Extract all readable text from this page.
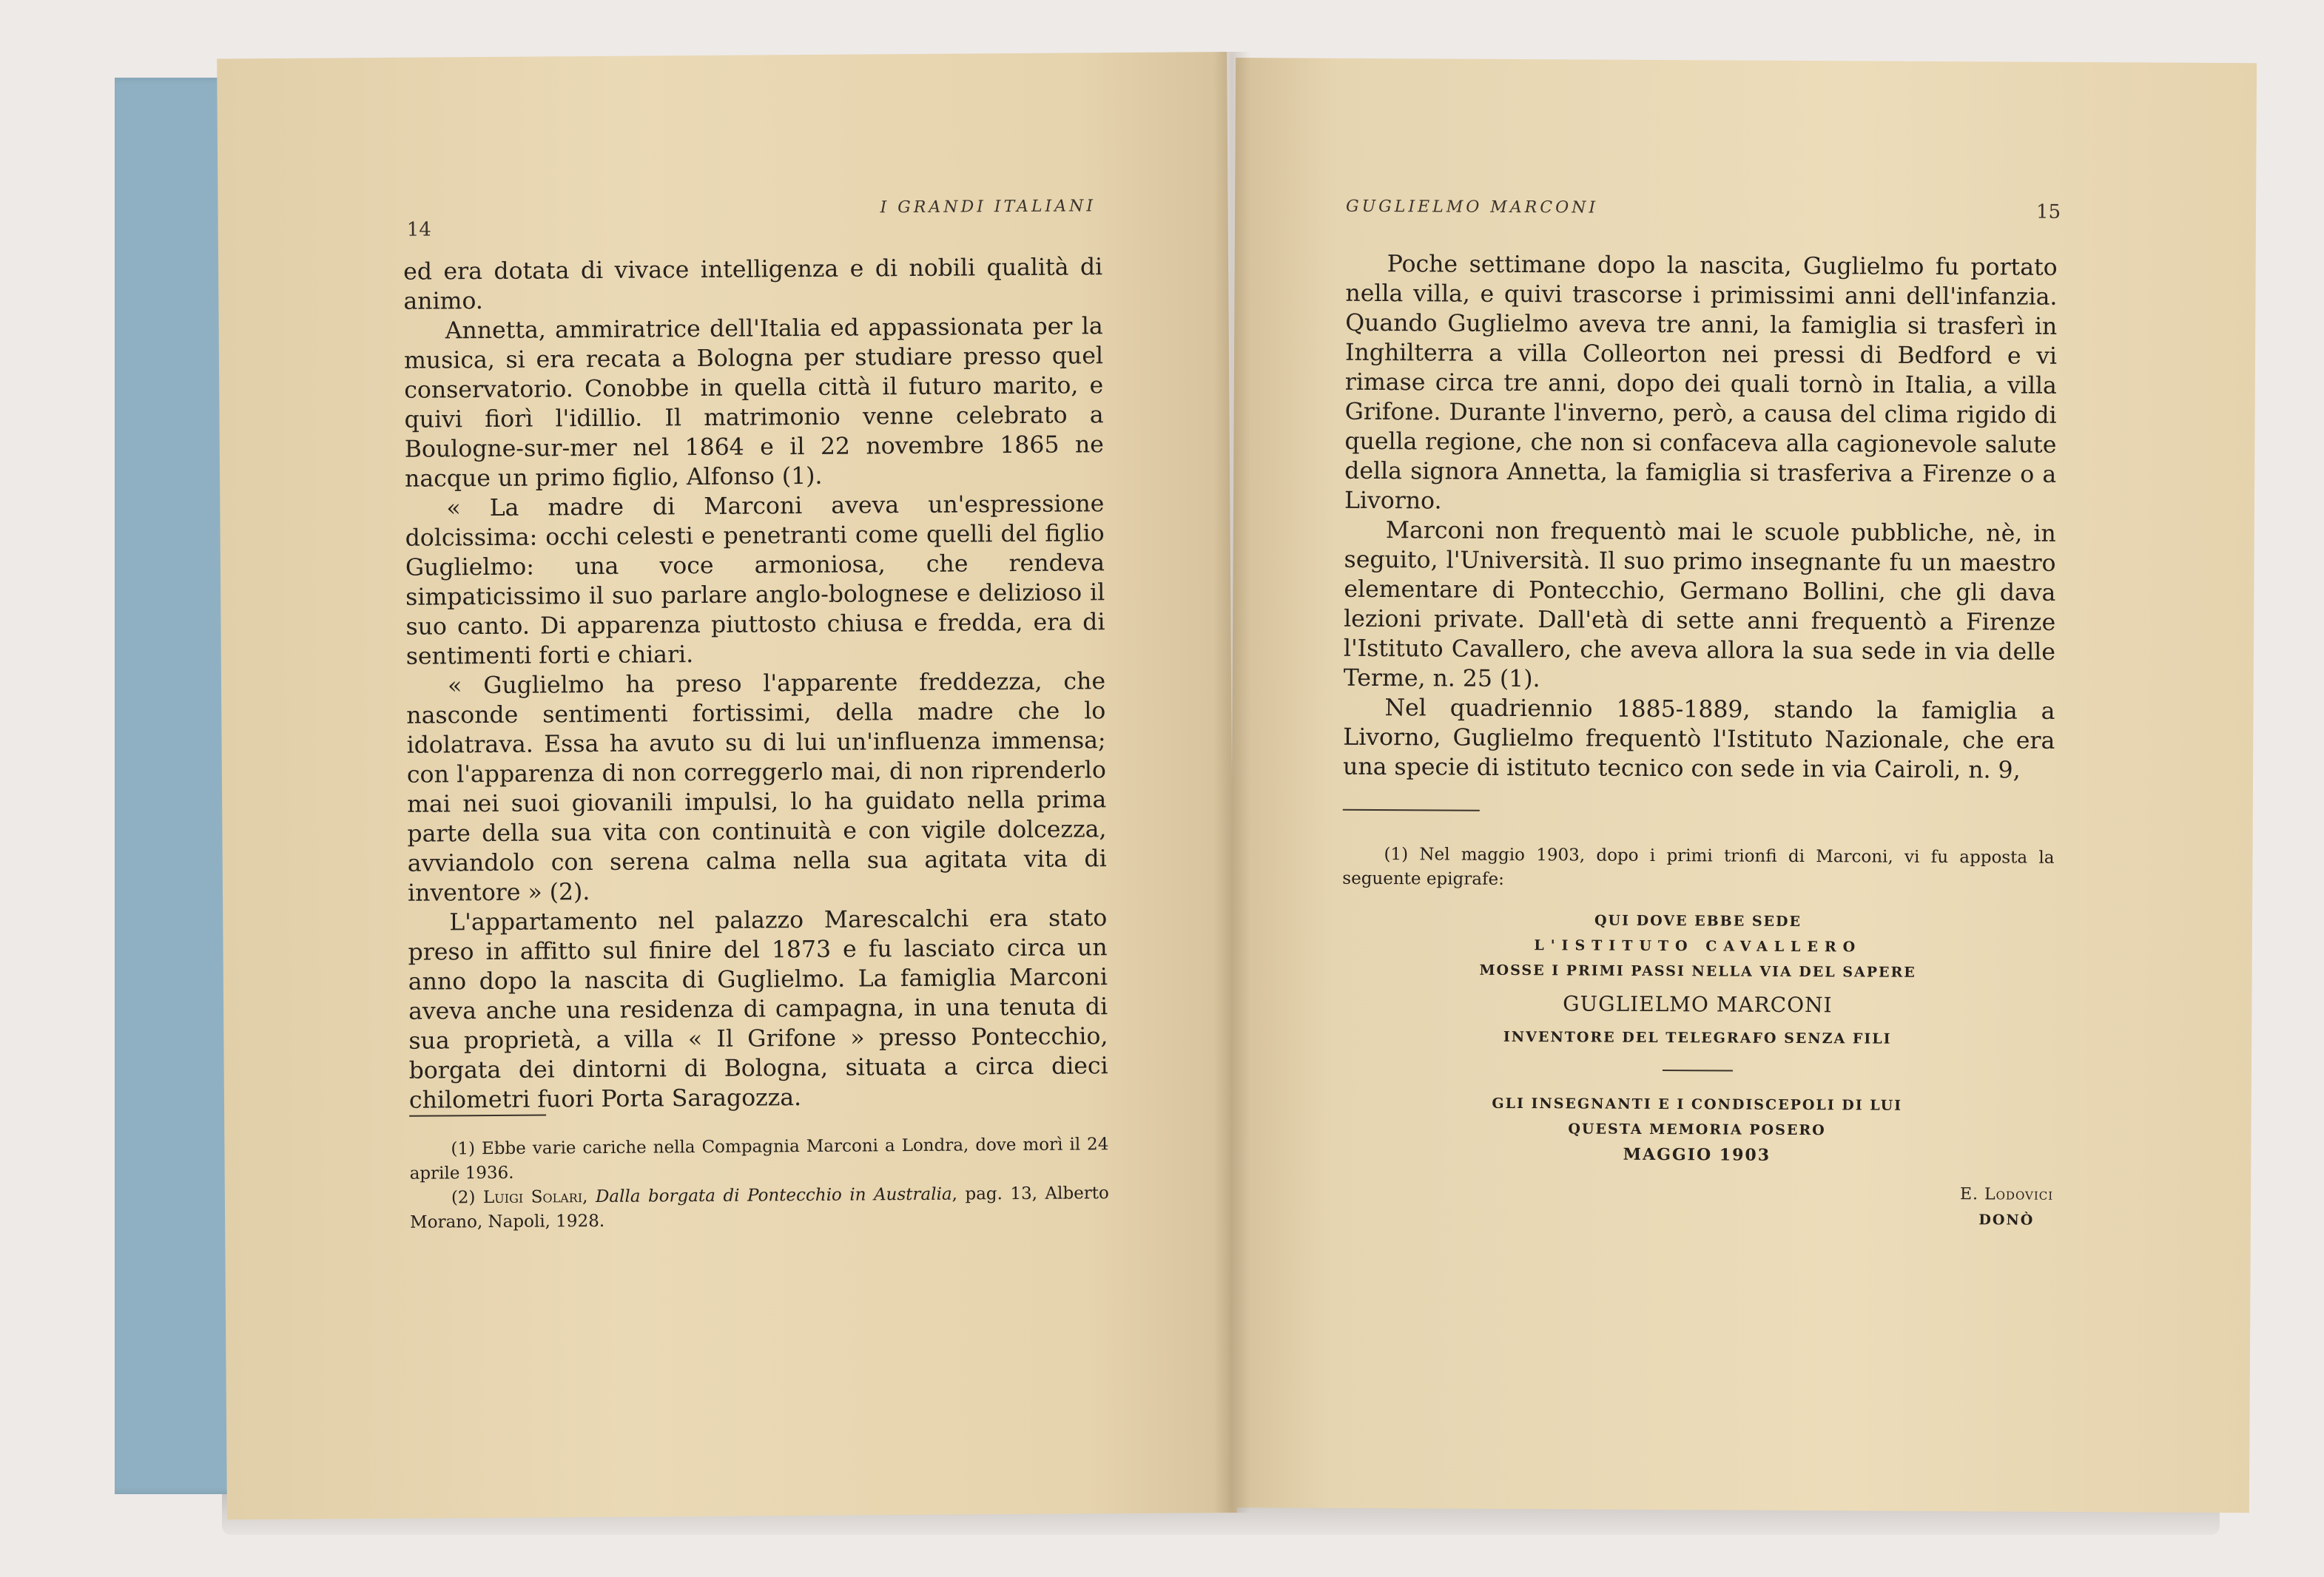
14
I GRANDI ITALIANI

ed era dotata di vivace intelligenza e di nobili qualità di animo.

Annetta, ammiratrice dell'Italia ed appassionata per la musica, si era recata a Bologna per studiare presso quel conservatorio. Conobbe in quella città il futuro marito, e quivi fiorì l'idillio. Il matrimonio venne celebrato a Boulogne-sur-mer nel 1864 e il 22 novembre 1865 ne nacque un primo figlio, Alfonso (1).

« La madre di Marconi aveva un'espressione dolcissima: occhi celesti e penetranti come quelli del figlio Guglielmo: una voce armoniosa, che rendeva simpaticissimo il suo parlare anglo-bolognese e delizioso il suo canto. Di apparenza piuttosto chiusa e fredda, era di sentimenti forti e chiari.

« Guglielmo ha preso l'apparente freddezza, che nasconde sentimenti fortissimi, della madre che lo idolatrava. Essa ha avuto su di lui un'influenza immensa; con l'apparenza di non correggerlo mai, di non riprenderlo mai nei suoi giovanili impulsi, lo ha guidato nella prima parte della sua vita con continuità e con vigile dolcezza, avviandolo con serena calma nella sua agitata vita di inventore » (2).

L'appartamento nel palazzo Marescalchi era stato preso in affitto sul finire del 1873 e fu lasciato circa un anno dopo la nascita di Guglielmo. La famiglia Marconi aveva anche una residenza di campagna, in una tenuta di sua proprietà, a villa « Il Grifone » presso Pontecchio, borgata dei dintorni di Bologna, situata a circa dieci chilometri fuori Porta Saragozza.

(1) Ebbe varie cariche nella Compagnia Marconi a Londra, dove morì il 24 aprile 1936.

(2) Luigi Solari, Dalla borgata di Pontecchio in Australia, pag. 13, Alberto Morano, Napoli, 1928.

GUGLIELMO MARCONI	15

Poche settimane dopo la nascita, Guglielmo fu portato nella villa, e quivi trascorse i primissimi anni dell'infanzia. Quando Guglielmo aveva tre anni, la famiglia si trasferì in Inghilterra a villa Colleorton nei pressi di Bedford e vi rimase circa tre anni, dopo dei quali tornò in Italia, a villa Grifone. Durante l'inverno, però, a causa del clima rigido di quella regione, che non si confaceva alla cagionevole salute della signora Annetta, la famiglia si trasferiva a Firenze o a Livorno.

Marconi non frequentò mai le scuole pubbliche, nè, in seguito, l'Università. Il suo primo insegnante fu un maestro elementare di Pontecchio, Germano Bollini, che gli dava lezioni private. Dall'età di sette anni frequentò a Firenze l'Istituto Cavallero, che aveva allora la sua sede in via delle Terme, n. 25 (1).

Nel quadriennio 1885-1889, stando la famiglia a Livorno, Guglielmo frequentò l'Istituto Nazionale, che era una specie di istituto tecnico con sede in via Cairoli, n. 9,

(1) Nel maggio 1903, dopo i primi trionfi di Marconi, vi fu apposta la seguente epigrafe:

QUI DOVE EBBE SEDE
L'ISTITUTO CAVALLERO
MOSSE I PRIMI PASSI NELLA VIA DEL SAPERE
GUGLIELMO MARCONI
INVENTORE DEL TELEGRAFO SENZA FILI
GLI INSEGNANTI E I CONDISCEPOLI DI LUI
QUESTA MEMORIA POSERO
MAGGIO 1903
E. Lodovici
DONÒ
